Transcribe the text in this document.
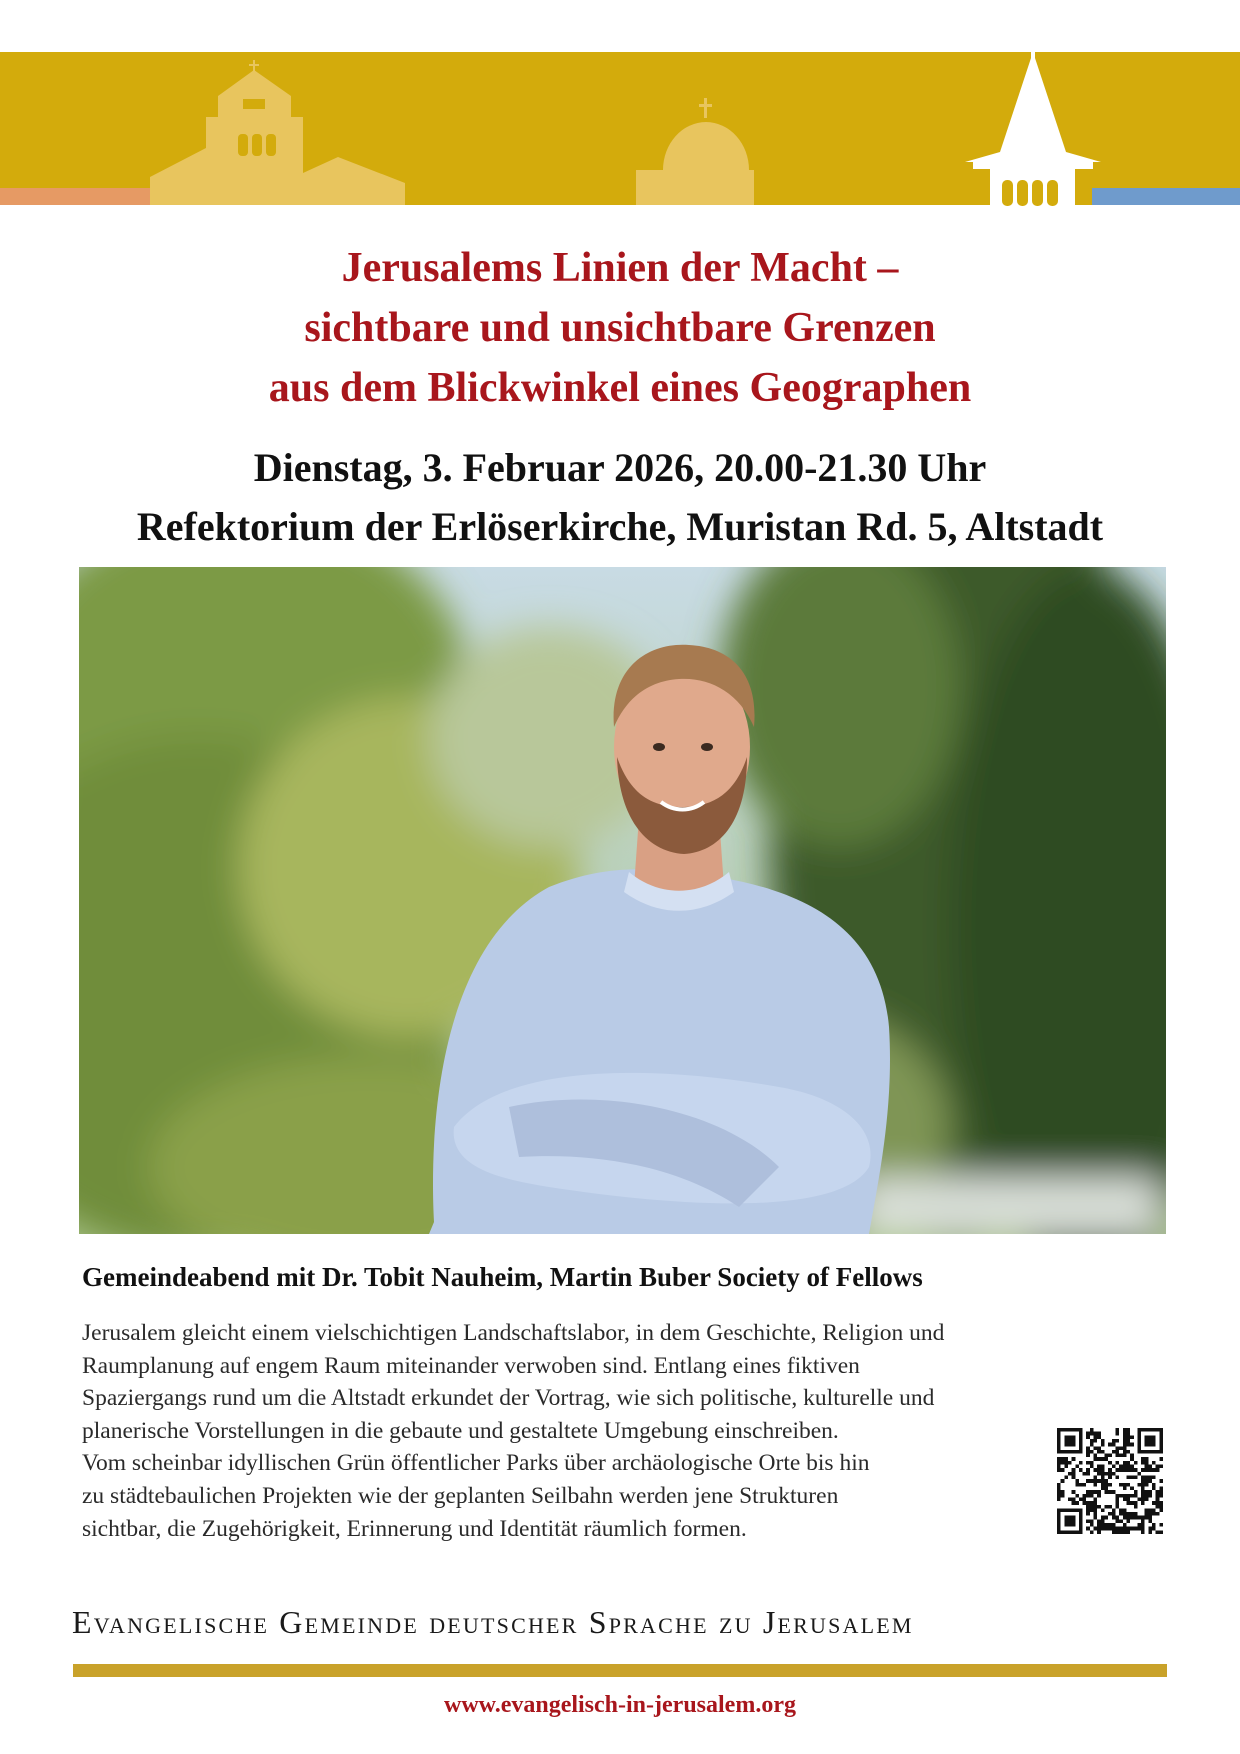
Jerusalems Linien der Macht –
sichtbare und unsichtbare Grenzen
aus dem Blickwinkel eines Geographen
Dienstag, 3. Februar 2026, 20.00-21.30 Uhr
Refektorium der Erlöserkirche, Muristan Rd. 5, Altstadt
Gemeindeabend mit Dr. Tobit Nauheim, Martin Buber Society of Fellows
Jerusalem gleicht einem vielschichtigen Landschaftslabor, in dem Geschichte, Religion und
Raumplanung auf engem Raum miteinander verwoben sind. Entlang eines fiktiven
Spaziergangs rund um die Altstadt erkundet der Vortrag, wie sich politische, kulturelle und
planerische Vorstellungen in die gebaute und gestaltete Umgebung einschreiben.
Vom scheinbar idyllischen Grün öffentlicher Parks über archäologische Orte bis hin
zu städtebaulichen Projekten wie der geplanten Seilbahn werden jene Strukturen
sichtbar, die Zugehörigkeit, Erinnerung und Identität räumlich formen.
Evangelische Gemeinde deutscher Sprache zu Jerusalem
www.evangelisch-in-jerusalem.org
